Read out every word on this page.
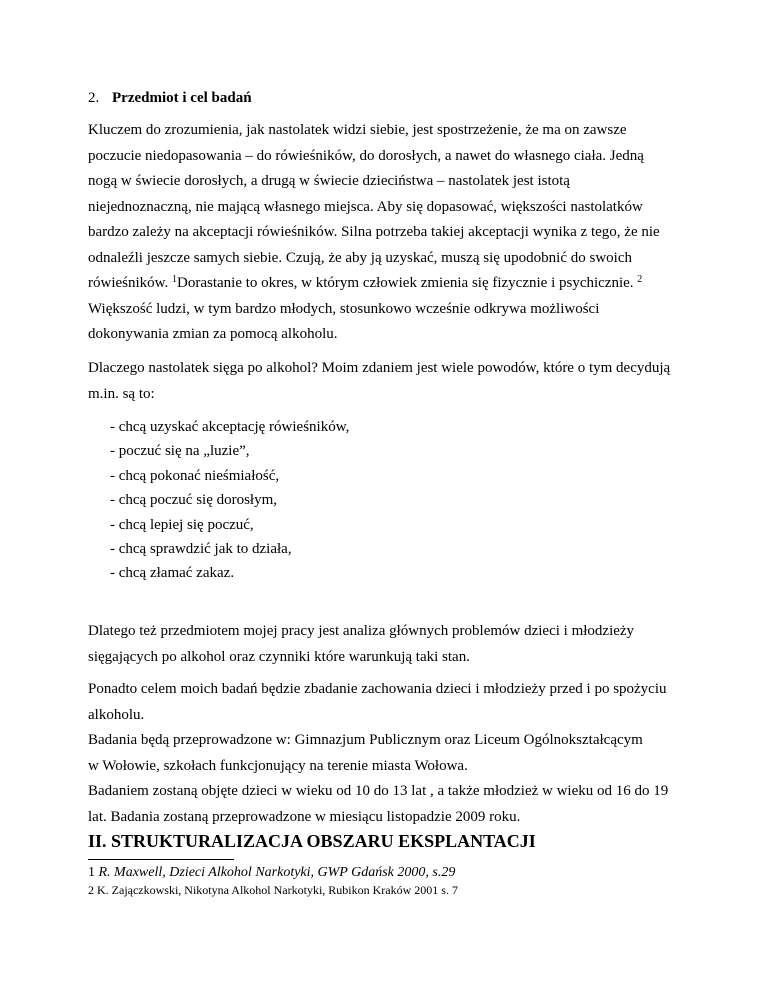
2. Przedmiot i cel badań
Kluczem do zrozumienia, jak nastolatek widzi siebie, jest spostrzeżenie, że ma on zawsze
poczucie niedopasowania – do rówieśników, do dorosłych, a nawet do własnego ciała. Jedną
nogą w świecie dorosłych, a drugą w świecie dzieciństwa – nastolatek jest istotą
niejednoznaczną, nie mającą własnego miejsca. Aby się dopasować, większości nastolatków
bardzo zależy na akceptacji rówieśników. Silna potrzeba takiej akceptacji wynika z tego, że nie
odnaleźli jeszcze samych siebie. Czują, że aby ją uzyskać, muszą się upodobnić do swoich
rówieśników. $^1$Dorastanie to okres, w którym człowiek zmienia się fizycznie i psychicznie. $^2$
Większość ludzi, w tym bardzo młodych, stosunkowo wcześnie odkrywa możliwości
dokonywania zmian za pomocą alkoholu.
Dlaczego nastolatek sięga po alkohol? Moim zdaniem jest wiele powodów, które o tym decydują
m.in. są to:
- chcą uzyskać akceptację rówieśników,
- poczuć się na „luzie”,
- chcą pokonać nieśmiałość,
- chcą poczuć się dorosłym,
- chcą lepiej się poczuć,
- chcą sprawdzić jak to działa,
- chcą złamać zakaz.
Dlatego też przedmiotem mojej pracy jest analiza głównych problemów dzieci i młodzieży
sięgających po alkohol oraz czynniki które warunkują taki stan.
Ponadto celem moich badań będzie zbadanie zachowania dzieci i młodzieży przed i po spożyciu
alkoholu.
Badania będą przeprowadzone w: Gimnazjum Publicznym oraz Liceum Ogólnokształcącym
w Wołowie, szkołach funkcjonujący na terenie miasta Wołowa.
Badaniem zostaną objęte dzieci w wieku od 10 do 13 lat , a także młodzież w wieku od 16 do 19
lat. Badania zostaną przeprowadzone w miesiącu listopadzie 2009 roku.
II. STRUKTURALIZACJA OBSZARU EKSPLANTACJI
1 R. Maxwell, Dzieci Alkohol Narkotyki, GWP Gdańsk 2000, s.29
2 K. Zajączkowski, Nikotyna Alkohol Narkotyki, Rubikon Kraków 2001 s. 7
